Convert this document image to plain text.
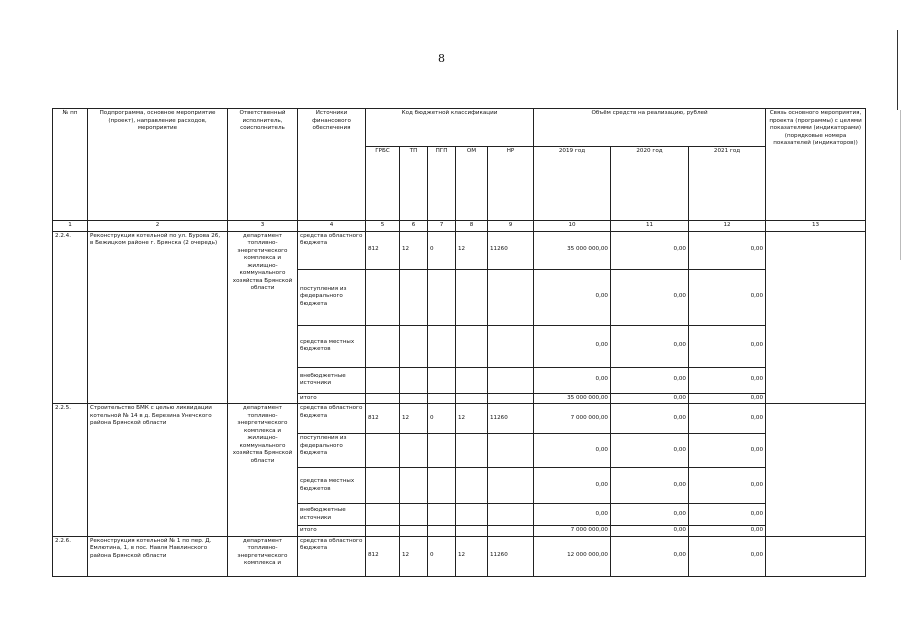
8
№ пп	Подпрограмма, основное мероприятие (проект), направление расходов, мероприятие	Ответственный исполнитель, соисполнитель	Источники финансового обеспечения	Код бюджетной классификации					Объём средств на реализацию, рублей			Связь основного мероприятия, проекта (программы) с целями показателями (индикаторами) (порядковые номера показателей (индикаторов))
				ГРБС	ТП	ПГП	ОМ	НР	2019 год	2020 год	2021 год	
1	2	3	4	5	6	7	8	9	10	11	12	13
2.2.4.	Реконструкция котельной по ул. Бурова 26, в Бежицком районе г. Брянска (2 очередь)	департамент топливно-энергетического комплекса и жилищно-коммунального хозяйства Брянской области	средства областного бюджета	812	12	0	12	11260	35 000 000,00	0,00	0,00	
			поступления из федерального бюджета						0,00	0,00	0,00	
			средства местных бюджетов						0,00	0,00	0,00	
			внебюджетные источники						0,00	0,00	0,00	
			итого						35 000 000,00	0,00	0,00	
2.2.5.	Строительство БМК с целью ликвидации котельной № 14 в д. Березина Унечского района Брянской области	департамент топливно-энергетического комплекса и жилищно-коммунального хозяйства Брянской области	средства областного бюджета	812	12	0	12	11260	7 000 000,00	0,00	0,00	
			поступления из федерального бюджета						0,00	0,00	0,00	
			средства местных бюджетов						0,00	0,00	0,00	
			внебюджетные источники						0,00	0,00	0,00	
			итого						7 000 000,00	0,00	0,00	
2.2.6.	Реконструкция котельной № 1 по пер. Д. Емлютина, 1, в пос. Навля Навлинского района Брянской области	департамент топливно-энергетического комплекса и	средства областного бюджета	812	12	0	12	11260	12 000 000,00	0,00	0,00	
